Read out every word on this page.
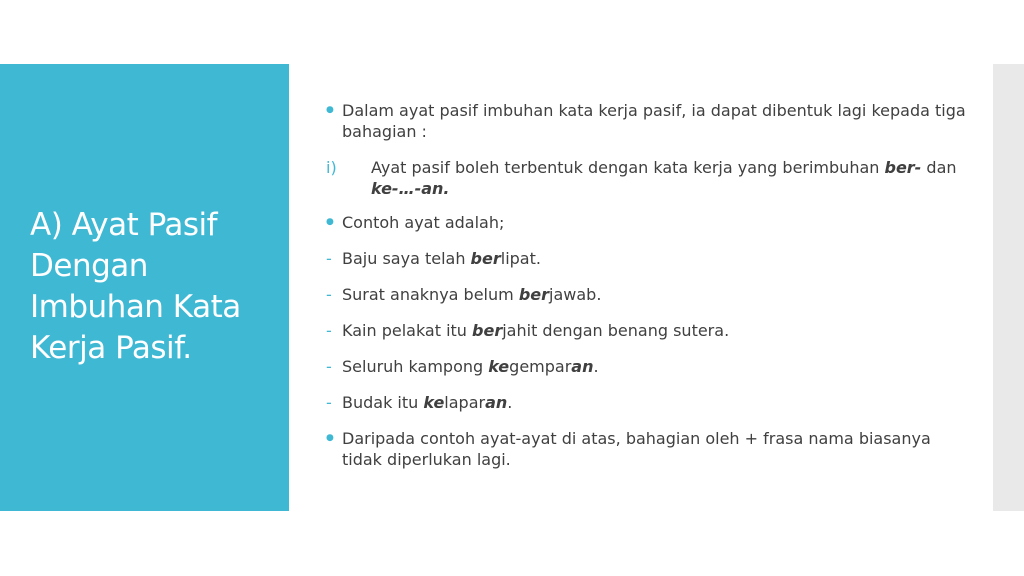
A) Ayat Pasif Dengan Imbuhan Kata Kerja Pasif.
● Dalam ayat pasif imbuhan kata kerja pasif, ia dapat dibentuk lagi kepada tiga bahagian :
i) Ayat pasif boleh terbentuk dengan kata kerja yang berimbuhan ber- dan ke-…-an.
● Contoh ayat adalah;
- Baju saya telah berlipat.
- Surat anaknya belum berjawab.
- Kain pelakat itu berjahit dengan benang sutera.
- Seluruh kampong kegemparan.
- Budak itu kelaparan.
● Daripada contoh ayat-ayat di atas, bahagian oleh + frasa nama biasanya tidak diperlukan lagi.
